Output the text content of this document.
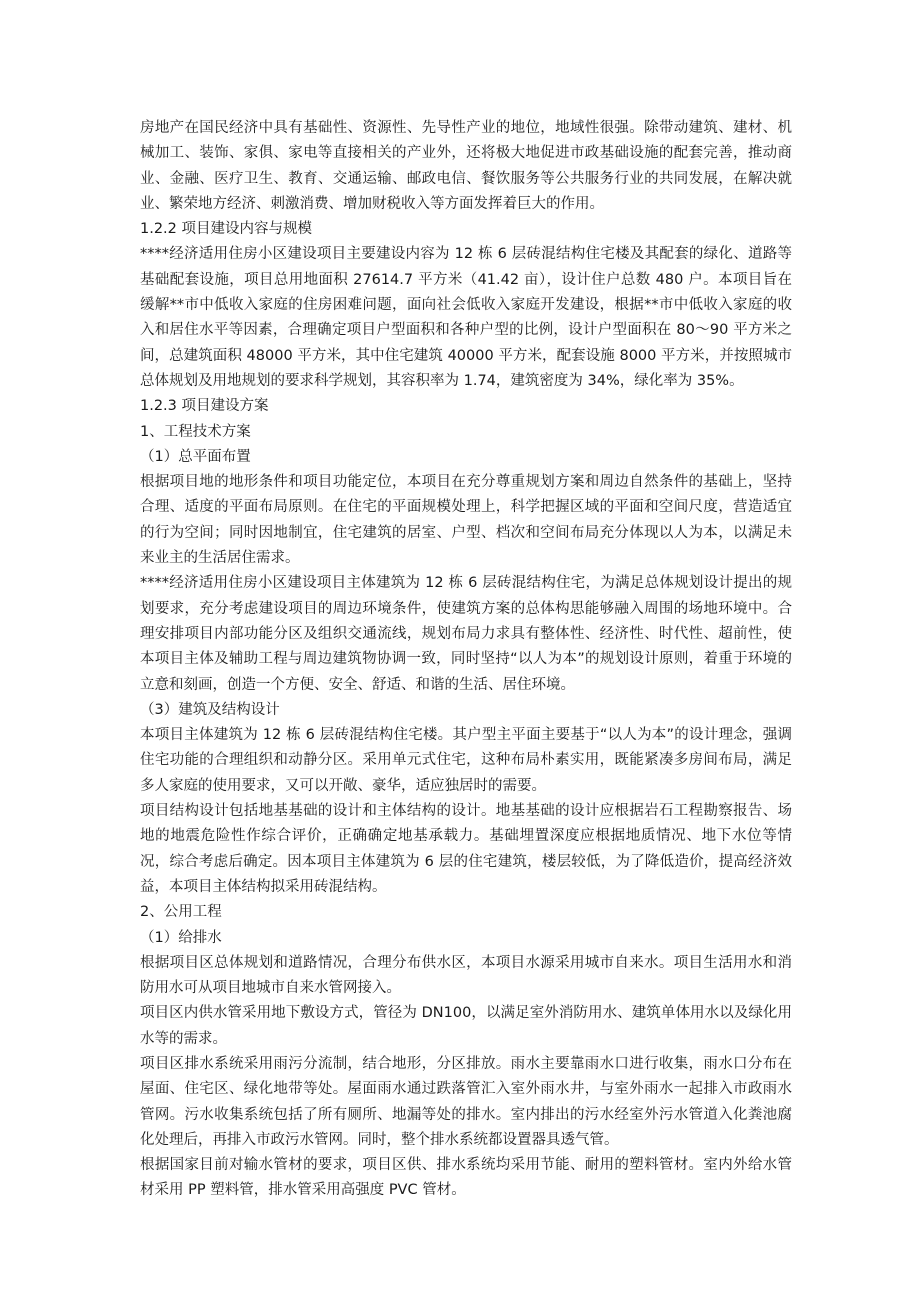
房地产在国民经济中具有基础性、资源性、先导性产业的地位，地域性很强。除带动建筑、建材、机械加工、装饰、家俱、家电等直接相关的产业外，还将极大地促进市政基础设施的配套完善，推动商业、金融、医疗卫生、教育、交通运输、邮政电信、餐饮服务等公共服务行业的共同发展，在解决就业、繁荣地方经济、刺激消费、增加财税收入等方面发挥着巨大的作用。

1.2.2 项目建设内容与规模

****经济适用住房小区建设项目主要建设内容为 12 栋 6 层砖混结构住宅楼及其配套的绿化、道路等基础配套设施，项目总用地面积 27614.7 平方米（41.42 亩），设计住户总数 480 户。本项目旨在缓解**市中低收入家庭的住房困难问题，面向社会低收入家庭开发建设，根据**市中低收入家庭的收入和居住水平等因素，合理确定项目户型面积和各种户型的比例，设计户型面积在 80～90 平方米之间，总建筑面积 48000 平方米，其中住宅建筑 40000 平方米，配套设施 8000 平方米，并按照城市总体规划及用地规划的要求科学规划，其容积率为 1.74，建筑密度为 34%，绿化率为 35%。

1.2.3 项目建设方案

1、工程技术方案

（1）总平面布置

根据项目地的地形条件和项目功能定位，本项目在充分尊重规划方案和周边自然条件的基础上，坚持合理、适度的平面布局原则。在住宅的平面规模处理上，科学把握区域的平面和空间尺度，营造适宜的行为空间；同时因地制宜，住宅建筑的居室、户型、档次和空间布局充分体现以人为本，以满足未来业主的生活居住需求。

****经济适用住房小区建设项目主体建筑为 12 栋 6 层砖混结构住宅，为满足总体规划设计提出的规划要求，充分考虑建设项目的周边环境条件，使建筑方案的总体构思能够融入周围的场地环境中。合理安排项目内部功能分区及组织交通流线，规划布局力求具有整体性、经济性、时代性、超前性，使本项目主体及辅助工程与周边建筑物协调一致，同时坚持“以人为本”的规划设计原则，着重于环境的立意和刻画，创造一个方便、安全、舒适、和谐的生活、居住环境。

（3）建筑及结构设计

本项目主体建筑为 12 栋 6 层砖混结构住宅楼。其户型主平面主要基于“以人为本”的设计理念，强调住宅功能的合理组织和动静分区。采用单元式住宅，这种布局朴素实用，既能紧凑多房间布局，满足多人家庭的使用要求，又可以开敞、豪华，适应独居时的需要。

项目结构设计包括地基基础的设计和主体结构的设计。地基基础的设计应根据岩石工程勘察报告、场地的地震危险性作综合评价，正确确定地基承载力。基础埋置深度应根据地质情况、地下水位等情况，综合考虑后确定。因本项目主体建筑为 6 层的住宅建筑，楼层较低，为了降低造价，提高经济效益，本项目主体结构拟采用砖混结构。

2、公用工程

（1）给排水

根据项目区总体规划和道路情况，合理分布供水区，本项目水源采用城市自来水。项目生活用水和消防用水可从项目地城市自来水管网接入。

项目区内供水管采用地下敷设方式，管径为 DN100，以满足室外消防用水、建筑单体用水以及绿化用水等的需求。

项目区排水系统采用雨污分流制，结合地形，分区排放。雨水主要靠雨水口进行收集，雨水口分布在屋面、住宅区、绿化地带等处。屋面雨水通过跌落管汇入室外雨水井，与室外雨水一起排入市政雨水管网。污水收集系统包括了所有厕所、地漏等处的排水。室内排出的污水经室外污水管道入化粪池腐化处理后，再排入市政污水管网。同时，整个排水系统都设置器具透气管。

根据国家目前对输水管材的要求，项目区供、排水系统均采用节能、耐用的塑料管材。室内外给水管材采用 PP 塑料管，排水管采用高强度 PVC 管材。
